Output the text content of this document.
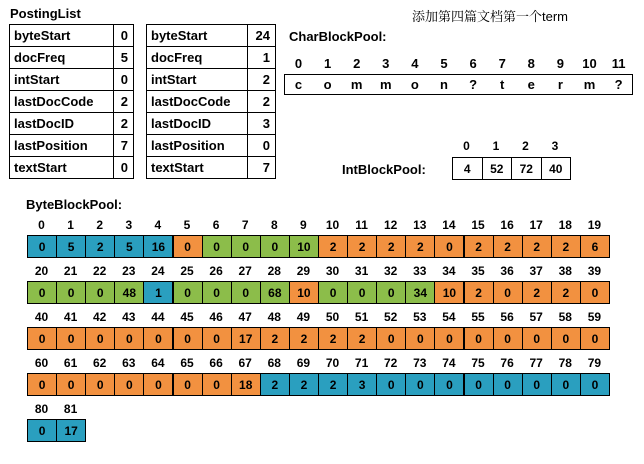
添加第四篇文档第一个term
PostingList
byteStart	0
docFreq	5
intStart	0
lastDocCode	2
lastDocID	2
lastPosition	7
textStart	0
byteStart	24
docFreq	1
intStart	2
lastDocCode	2
lastDocID	3
lastPosition	0
textStart	7
CharBlockPool:
0	1	2	3	4	5	6	7	8	9	10	11
c	o	m	m	o	n	?	t	e	r	m	?
IntBlockPool:
0	1	2	3
4	52	72	40
ByteBlockPool:
0	1	2	3	4	5	6	7	8	9	10	11	12	13	14	15	16	17	18	19
0	5	2	5	16	0	0	0	0	10	2	2	2	2	0	2	2	2	2	6
20	21	22	23	24	25	26	27	28	29	30	31	32	33	34	35	36	37	38	39
0	0	0	48	1	0	0	0	68	10	0	0	0	34	10	2	0	2	2	0
40	41	42	43	44	45	46	47	48	49	50	51	52	53	54	55	56	57	58	59
0	0	0	0	0	0	0	17	2	2	2	2	0	0	0	0	0	0	0	0
60	61	62	63	64	65	66	67	68	69	70	71	72	73	74	75	76	77	78	79
0	0	0	0	0	0	0	18	2	2	2	3	0	0	0	0	0	0	0	0
80	81
0	17
